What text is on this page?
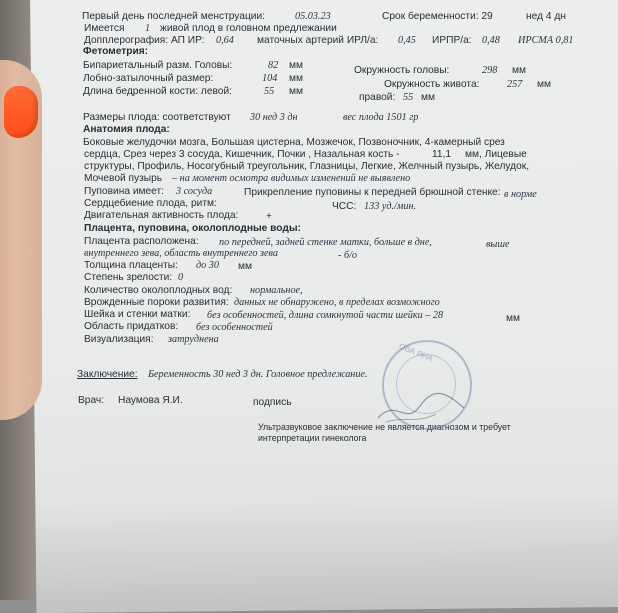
Первый день последней менструации:	05.03.23	Срок беременности: 29	нед 4 дн
Имеется 1 живой плод в головном предлежании
Допплерография: АП ИР: 0,64 маточных артерий ИРЛ/а: 0,45 ИРПР/а: 0,48 ИРСМА 0,81
Фетометрия:
Бипариетальный разм. Головы:	82 мм	Окружность головы:	298 мм
Лобно-затылочный размер:	104 мм
Окружность живота:	257 мм
Длина бедренной кости: левой:	55 мм
правой: 55 мм
Размеры плода: соответствуют 30 нед 3 дн	вес плода 1501 гр
Анатомия плода:
Боковые желудочки мозга, Большая цистерна, Мозжечок, Позвоночник, 4-камерный срез
сердца, Срез через 3 сосуда, Кишечник, Почки , Назальная кость -	11,1 мм, Лицевые
структуры, Профиль, Носогубный треугольник, Глазницы, Легкие, Желчный пузырь, Желудок,
Мочевой пузырь – на момент осмотра видимых изменений не выявлено
Пуповина имеет: 3 сосуда	Прикрепление пуповины к передней брюшной стенке: в норме
Сердцебиение плода, ритм:	ЧСС: 133 уд./мин.
Двигательная активность плода:	+
Плацента, пуповина, околоплодные воды:
Плацента расположена: по передней, задней стенке матки, больше в дне,	выше
внутреннего зева, область внутреннего зева	- б/о
Толщина плаценты: до 30 мм
Степень зрелости: 0
Количество околоплодных вод: нормальное,
Врожденные пороки развития: данных не обнаружено, в пределах возможного
Шейка и стенки матки: без особенностей, длина сомкнутой части шейки – 28	мм
Область придатков: без особенностей
Визуализация: затруднена
Заключение: Беременность 30 нед 3 дн. Головное предлежание.
Врач: Наумова Я.И.	подпись
Ультразвуковое заключение не является диагнозом и требует
интерпретации гинеколога
ОВА ЯНА
